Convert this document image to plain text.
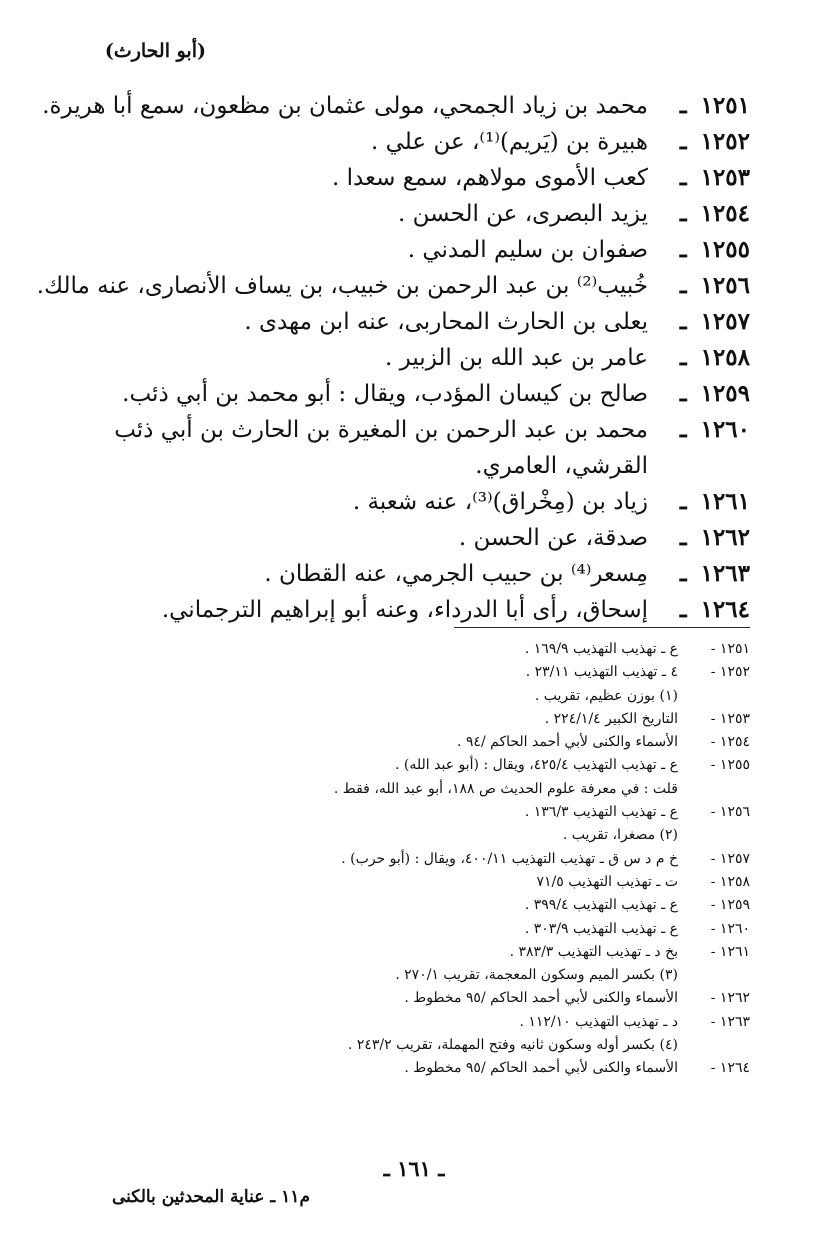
(أبو الحارث)
١٢٥١ ـ
محمد بن زياد الجمحي، مولى عثمان بن مظعون، سمع أبا هريرة.
١٢٥٢ ـ
هبيرة بن (يَريم)⁽¹⁾، عن علي .
١٢٥٣ ـ
كعب الأموى مولاهم، سمع سعدا .
١٢٥٤ ـ
يزيد البصرى، عن الحسن .
١٢٥٥ ـ
صفوان بن سليم المدني .
١٢٥٦ ـ
خُبيب⁽²⁾ بن عبد الرحمن بن خبيب، بن يساف الأنصارى، عنه مالك.
١٢٥٧ ـ
يعلى بن الحارث المحاربى، عنه ابن مهدى .
١٢٥٨ ـ
عامر بن عبد الله بن الزبير .
١٢٥٩ ـ
صالح بن كيسان المؤدب، ويقال : أبو محمد بن أبي ذئب.
١٢٦٠ ـ
محمد بن عبد الرحمن بن المغيرة بن الحارث بن أبي ذئب القرشي، العامري.
١٢٦١ ـ
زياد بن (مِخْراق)⁽³⁾، عنه شعبة .
١٢٦٢ ـ
صدقة، عن الحسن .
١٢٦٣ ـ
مِسعر⁽⁴⁾ بن حبيب الجرمي، عنه القطان .
١٢٦٤ ـ
إسحاق، رأى أبا الدرداء، وعنه أبو إبراهيم الترجماني.
١٢٥١ -
ع ـ تهذيب التهذيب ١٦٩/٩ .
١٢٥٢ -
٤ ـ تهذيب التهذيب ٢٣/١١ .
(١) بوزن عظيم، تقريب .
١٢٥٣ -
التاريخ الكبير ٢٢٤/١/٤ .
١٢٥٤ -
الأسماء والكنى لأبي أحمد الحاكم /٩٤ .
١٢٥٥ -
ع ـ تهذيب التهذيب ٤٢٥/٤، ويقال : (أبو عبد الله) .
قلت : في معرفة علوم الحديث ص ١٨٨، أبو عبد الله، فقط .
١٢٥٦ -
ع ـ تهذيب التهذيب ١٣٦/٣ .
(٢) مصغرا، تقريب .
١٢٥٧ -
خ م د س ق ـ تهذيب التهذيب ٤٠٠/١١، ويقال : (أبو حرب) .
١٢٥٨ -
ت ـ تهذيب التهذيب ٧١/٥
١٢٥٩ -
ع ـ تهذيب التهذيب ٣٩٩/٤ .
١٢٦٠ -
ع ـ تهذيب التهذيب ٣٠٣/٩ .
١٢٦١ -
بخ د ـ تهذيب التهذيب ٣٨٣/٣ .
(٣) بكسر الميم وسكون المعجمة، تقريب ٢٧٠/١ .
١٢٦٢ -
الأسماء والكنى لأبي أحمد الحاكم /٩٥ مخطوط .
١٢٦٣ -
د ـ تهذيب التهذيب ١١٢/١٠ .
(٤) بكسر أوله وسكون ثانيه وفتح المهملة، تقريب ٢٤٣/٢ .
١٢٦٤ -
الأسماء والكنى لأبي أحمد الحاكم /٩٥ مخطوط .
ـ ١٦١ ـ
م١١ ـ عناية المحدثين بالكنى
